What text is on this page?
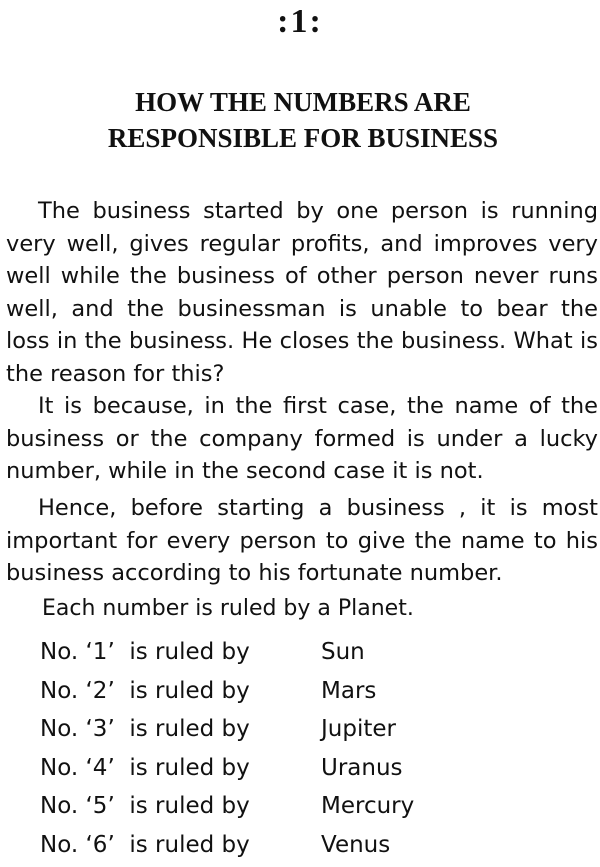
:1:
HOW THE NUMBERS ARE
RESPONSIBLE FOR BUSINESS

The business started by one person is running very well, gives regular profits, and improves very well while the business of other person never runs well, and the businessman is unable to bear the loss in the business. He closes the business. What is the reason for this?

It is because, in the first case, the name of the business or the company formed is under a lucky number, while in the second case it is not.

Hence, before starting a business , it is most important for every person to give the name to his business according to his fortunate number.

Each number is ruled by a Planet.
No. ‘1’  is ruled by	Sun
No. ‘2’  is ruled by	Mars
No. ‘3’  is ruled by	Jupiter
No. ‘4’  is ruled by	Uranus
No. ‘5’  is ruled by	Mercury
No. ‘6’  is ruled by	Venus
